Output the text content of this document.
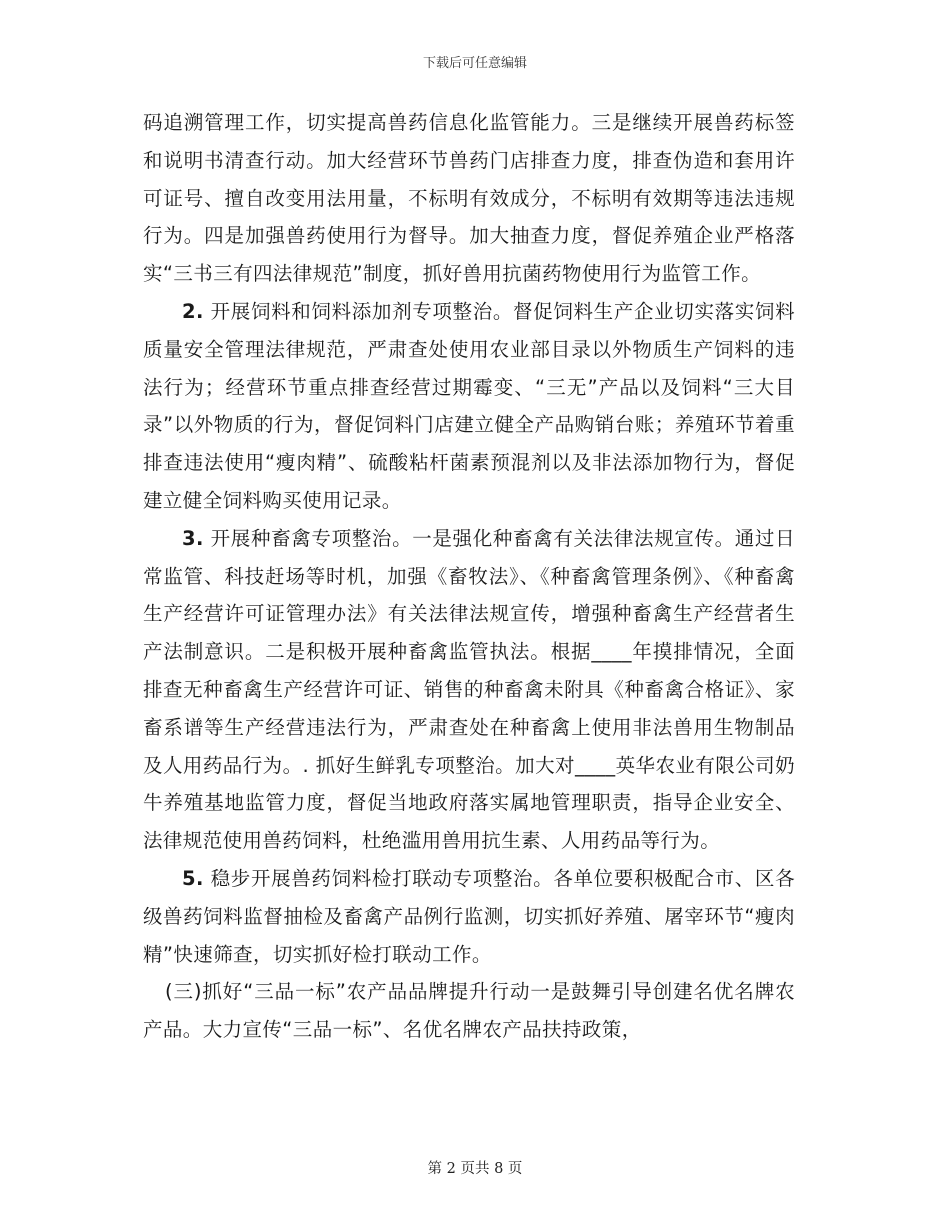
下载后可任意编辑

码追溯管理工作，切实提高兽药信息化监管能力。三是继续开展兽药标签和说明书清查行动。加大经营环节兽药门店排查力度，排查伪造和套用许可证号、擅自改变用法用量，不标明有效成分，不标明有效期等违法违规行为。四是加强兽药使用行为督导。加大抽查力度，督促养殖企业严格落实“三书三有四法律规范”制度，抓好兽用抗菌药物使用行为监管工作。

2. 开展饲料和饲料添加剂专项整治。督促饲料生产企业切实落实饲料质量安全管理法律规范，严肃查处使用农业部目录以外物质生产饲料的违法行为；经营环节重点排查经营过期霉变、“三无”产品以及饲料“三大目录”以外物质的行为，督促饲料门店建立健全产品购销台账；养殖环节着重排查违法使用“瘦肉精”、硫酸粘杆菌素预混剂以及非法添加物行为，督促建立健全饲料购买使用记录。

3. 开展种畜禽专项整治。一是强化种畜禽有关法律法规宣传。通过日常监管、科技赶场等时机，加强《畜牧法》、《种畜禽管理条例》、《种畜禽生产经营许可证管理办法》有关法律法规宣传，增强种畜禽生产经营者生产法制意识。二是积极开展种畜禽监管执法。根据____年摸排情况，全面排查无种畜禽生产经营许可证、销售的种畜禽未附具《种畜禽合格证》、家畜系谱等生产经营违法行为，严肃查处在种畜禽上使用非法兽用生物制品及人用药品行为。. 抓好生鲜乳专项整治。加大对____英华农业有限公司奶牛养殖基地监管力度，督促当地政府落实属地管理职责，指导企业安全、法律规范使用兽药饲料，杜绝滥用兽用抗生素、人用药品等行为。

5. 稳步开展兽药饲料检打联动专项整治。各单位要积极配合市、区各级兽药饲料监督抽检及畜禽产品例行监测，切实抓好养殖、屠宰环节“瘦肉精”快速筛查，切实抓好检打联动工作。

(三)抓好“三品一标”农产品品牌提升行动一是鼓舞引导创建名优名牌农产品。大力宣传“三品一标”、名优名牌农产品扶持政策，

第 2 页共 8 页
